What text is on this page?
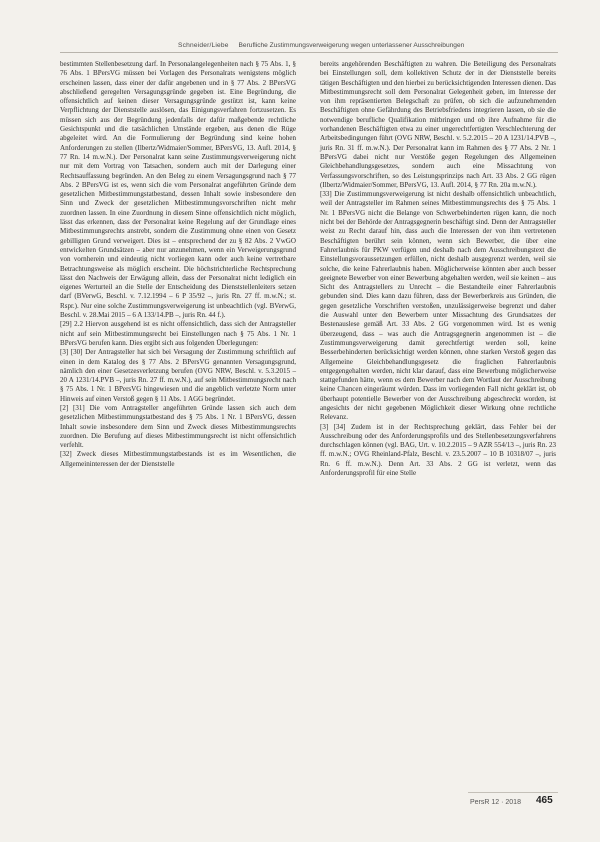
Schneider/Liebe Berufliche Zustimmungsverweigerung wegen unterlassener Ausschreibungen

bestimmten Stellenbesetzung darf. In Personalangelegenheiten nach § 75 Abs. 1, § 76 Abs. 1 BPersVG müssen bei Vorlagen des Personalrats wenigstens möglich erscheinen lassen, dass einer der dafür angebenen und in § 77 Abs. 2 BPersVG abschließend geregelten Versagungsgründe gegeben ist. Eine Begründung, die offensichtlich auf keinen dieser Versagungsgründe gestützt ist, kann keine Verpflichtung der Dienststelle auslösen, das Einigungsverfahren fortzusetzen. Es müssen sich aus der Begründung jedenfalls der dafür maßgebende rechtliche Gesichtspunkt und die tatsächlichen Umstände ergeben, aus denen die Rüge abgeleitet wird. An die Formulierung der Begründung sind keine hohen Anforderungen zu stellen (Ilbertz/Widmaier/Sommer, BPersVG, 13. Aufl. 2014, § 77 Rn. 14 m.w.N.). Der Personalrat kann seine Zustimmungsverweigerung nicht nur mit dem Vortrag von Tatsachen, sondern auch mit der Darlegung einer Rechtsauffassung begründen. An den Beleg zu einem Versagungsgrund nach § 77 Abs. 2 BPersVG ist es, wenn sich die vom Personalrat angeführten Gründe dem gesetzlichen Mitbestimmungstatbestand, dessen Inhalt sowie insbesondere den Sinn und Zweck der gesetzlichen Mitbestimmungsvorschriften nicht mehr zuordnen lassen. In eine Zuordnung in diesem Sinne offensichtlich nicht möglich, lässt das erkennen, dass der Personalrat keine Regelung auf der Grundlage eines Mitbestimmungsrechts anstrebt, sondern die Zustimmung ohne einen von Gesetz gebilligten Grund verweigert. Dies ist – entsprechend der zu § 82 Abs. 2 VwGO entwickelten Grundsätzen – aber nur anzunehmen, wenn ein Verweigerungsgrund von vornherein und eindeutig nicht vorliegen kann oder auch keine vertretbare Betrachtungsweise als möglich erscheint. Die höchstrichterliche Rechtsprechung lässt den Nachweis der Erwägung allein, dass der Personalrat nicht lediglich ein eigenes Werturteil an die Stelle der Entscheidung des Dienststellenleiters setzen darf (BVerwG, Beschl. v. 7.12.1994 – 6 P 35/92 –, juris Rn. 27 ff. m.w.N.; st. Rspr.). Nur eine solche Zustimmungsverweigerung ist unbeachtlich (vgl. BVerwG, Beschl. v. 28.Mai 2015 – 6 A 133/14.PB –, juris Rn. 44 f.).

[29] 2.2 Hiervon ausgehend ist es nicht offensichtlich, dass sich der Antragsteller nicht auf sein Mitbestimmungsrecht bei Einstellungen nach § 75 Abs. 1 Nr. 1 BPersVG berufen kann. Dies ergibt sich aus folgenden Überlegungen:

[3] [30] Der Antragsteller hat sich bei Versagung der Zustimmung schriftlich auf einen in dem Katalog des § 77 Abs. 2 BPersVG genannten Versagungsgrund, nämlich den einer Gesetzesverletzung berufen (OVG NRW, Beschl. v. 5.3.2015 – 20 A 1231/14.PVB –, juris Rn. 27 ff. m.w.N.), auf sein Mitbestimmungsrecht nach § 75 Abs. 1 Nr. 1 BPersVG hingewiesen und die angeblich verletzte Norm unter Hinweis auf einen Verstoß gegen § 11 Abs. 1 AGG begründet.

[2] [31] Die vom Antragsteller angeführten Gründe lassen sich auch dem gesetzlichen Mitbestimmungstatbestand des § 75 Abs. 1 Nr. 1 BPersVG, dessen Inhalt sowie insbesondere dem Sinn und Zweck dieses Mitbestimmungsrechts zuordnen. Die Berufung auf dieses Mitbestimmungsrecht ist nicht offensichtlich verfehlt.

[32] Zweck dieses Mitbestimmungstatbestands ist es im Wesentlichen, die Allgemeininteressen der der Dienststelle

bereits angehörenden Beschäftigten zu wahren. Die Beteiligung des Personalrats bei Einstellungen soll, dem kollektiven Schutz der in der Dienststelle bereits tätigen Beschäftigten und den hierbei zu berücksichtigenden Interessen dienen. Das Mitbestimmungsrecht soll dem Personalrat Gelegenheit geben, im Interesse der von ihm repräsentierten Belegschaft zu prüfen, ob sich die aufzunehmenden Beschäftigten ohne Gefährdung des Betriebsfriedens integrieren lassen, ob sie die notwendige berufliche Qualifikation mitbringen und ob ihre Aufnahme für die vorhandenen Beschäftigten etwa zu einer ungerechtfertigten Verschlechterung der Arbeitsbedingungen führt (OVG NRW, Beschl. v. 5.2.2015 – 20 A 1231/14.PVB –, juris Rn. 31 ff. m.w.N.). Der Personalrat kann im Rahmen des § 77 Abs. 2 Nr. 1 BPersVG dabei nicht nur Verstöße gegen Regelungen des Allgemeinen Gleichbehandlungsgesetzes, sondern auch eine Missachtung von Verfassungsvorschriften, so des Leistungsprinzips nach Art. 33 Abs. 2 GG rügen (Ilbertz/Widmaier/Sommer, BPersVG, 13. Aufl. 2014, § 77 Rn. 20a m.w.N.).

[33] Die Zustimmungsverweigerung ist nicht deshalb offensichtlich unbeachtlich, weil der Antragsteller im Rahmen seines Mitbestimmungsrechts des § 75 Abs. 1 Nr. 1 BPersVG nicht die Belange von Schwerbehinderten rügen kann, die noch nicht bei der Behörde der Antragsgegnerin beschäftigt sind. Denn der Antragsteller weist zu Recht darauf hin, dass auch die Interessen der von ihm vertretenen Beschäftigten berührt sein können, wenn sich Bewerber, die über eine Fahrerlaubnis für PKW verfügen und deshalb nach dem Ausschreibungstext die Einstellungsvoraussetzungen erfüllen, nicht deshalb ausgegrenzt werden, weil sie solche, die keine Fahrerlaubnis haben. Möglicherweise könnten aber auch besser geeignete Bewerber von einer Bewerbung abgehalten werden, weil sie keinen – aus Sicht des Antragstellers zu Unrecht – die Bestandteile einer Fahrerlaubnis gebunden sind. Dies kann dazu führen, dass der Bewerberkreis aus Gründen, die gegen gesetzliche Vorschriften verstoßen, unzulässigerweise begrenzt und daher die Auswahl unter den Bewerbern unter Missachtung des Grundsatzes der Bestenauslese gemäß Art. 33 Abs. 2 GG vorgenommen wird. Ist es wenig überzeugend, dass – was auch die Antragsgegnerin angenommen ist – die Zustimmungsverweigerung damit gerechtfertigt werden soll, keine Besserbehinderten berücksichtigt werden können, ohne starken Verstoß gegen das Allgemeine Gleichbehandlungsgesetz die fraglichen Fahrerlaubnis entgegengehalten werden, nicht klar darauf, dass eine Bewerbung möglicherweise stattgefunden hätte, wenn es dem Bewerber nach dem Wortlaut der Ausschreibung keine Chancen eingeräumt würden. Dass im vorliegenden Fall nicht geklärt ist, ob überhaupt potentielle Bewerber von der Ausschreibung abgeschreckt worden, ist angesichts der nicht gegebenen Möglichkeit dieser Wirkung ohne rechtliche Relevanz.

[3] [34] Zudem ist in der Rechtsprechung geklärt, dass Fehler bei der Ausschreibung oder des Anforderungsprofils und des Stellenbesetzungsverfahrens durchschlagen können (vgl. BAG, Urt. v. 10.2.2015 – 9 AZR 554/13 –, juris Rn. 23 ff. m.w.N.; OVG Rheinland-Pfalz, Beschl. v. 23.5.2007 – 10 B 10318/07 –, juris Rn. 6 ff. m.w.N.). Denn Art. 33 Abs. 2 GG ist verletzt, wenn das Anforderungsprofil für eine Stelle

PersR 12 · 2018 465
